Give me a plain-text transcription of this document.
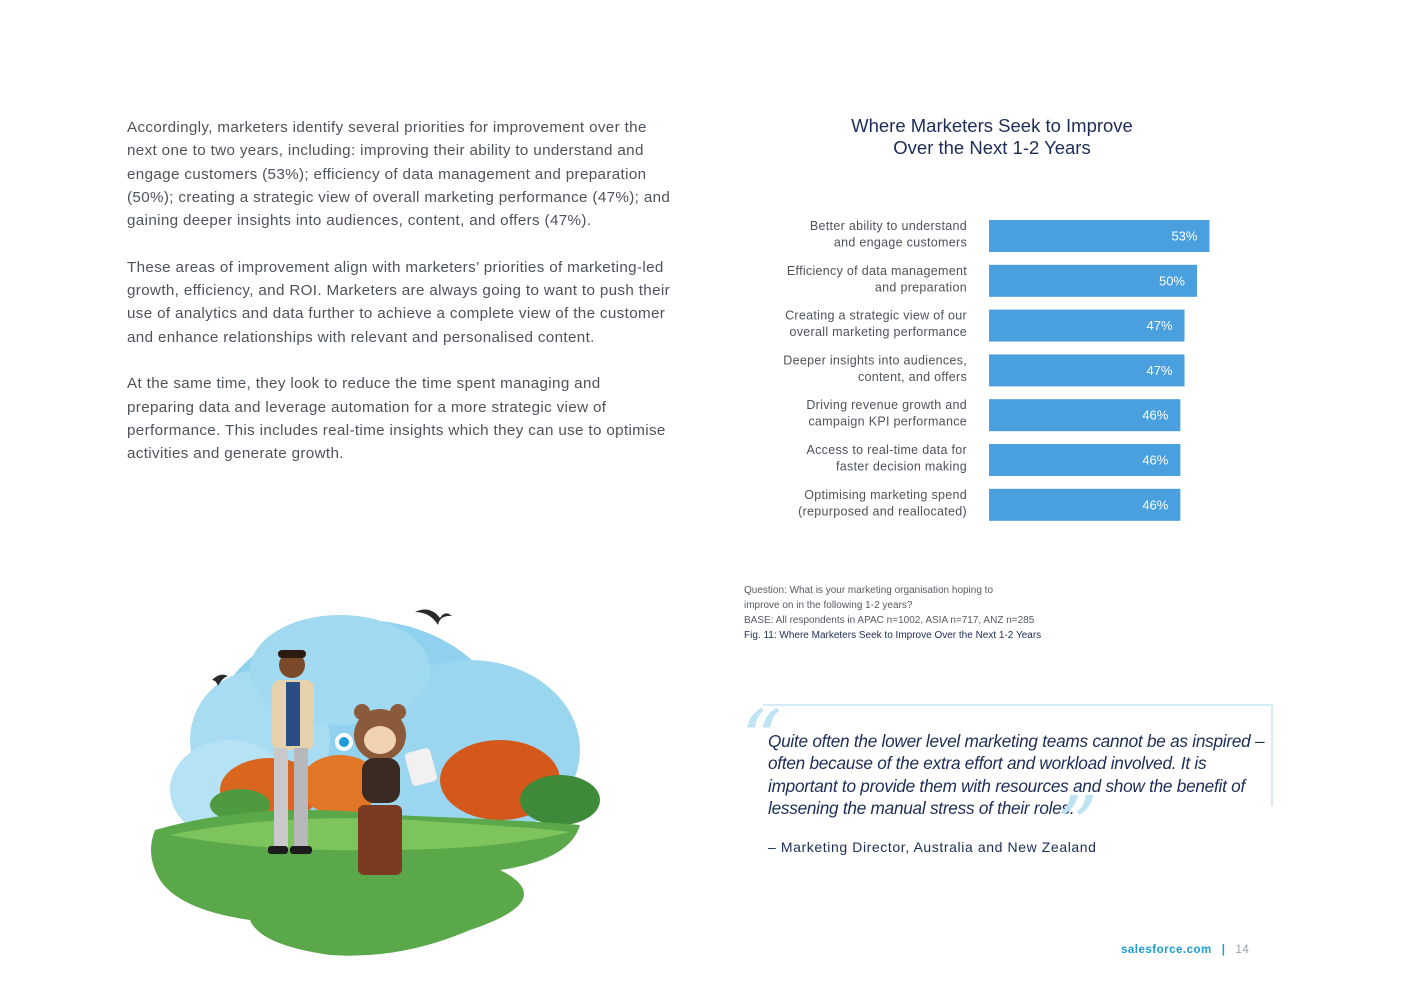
Accordingly, marketers identify several priorities for improvement over the next one to two years, including: improving their ability to understand and engage customers (53%); efficiency of data management and preparation (50%); creating a strategic view of overall marketing performance (47%); and gaining deeper insights into audiences, content, and offers (47%).

These areas of improvement align with marketers’ priorities of marketing-led growth, efficiency, and ROI. Marketers are always going to want to push their use of analytics and data further to achieve a complete view of the customer and enhance relationships with relevant and personalised content.

At the same time, they look to reduce the time spent managing and preparing data and leverage automation for a more strategic view of performance. This includes real-time insights which they can use to optimise activities and generate growth.

Where Marketers Seek to Improve
Over the Next 1-2 Years
53%
Better ability to understand
and engage customers
50%
Efficiency of data management
and preparation
47%
Creating a strategic view of our
overall marketing performance
47%
Deeper insights into audiences,
content, and offers
46%
Driving revenue growth and
campaign KPI performance
46%
Access to real-time data for
faster decision making
46%
Optimising marketing spend
(repurposed and reallocated)
Question: What is your marketing organisation hoping to
improve on in the following 1-2 years?
BASE: All respondents in APAC n=1002, ASIA n=717, ANZ n=285
Fig. 11: Where Marketers Seek to Improve Over the Next 1-2 Years
“
Quite often the lower level marketing teams cannot be as inspired – often because of the extra effort and workload involved. It is important to provide them with resources and show the benefit of lessening the manual stress of their roles.
”
– Marketing Director, Australia and New Zealand
salesforce.com | 14
